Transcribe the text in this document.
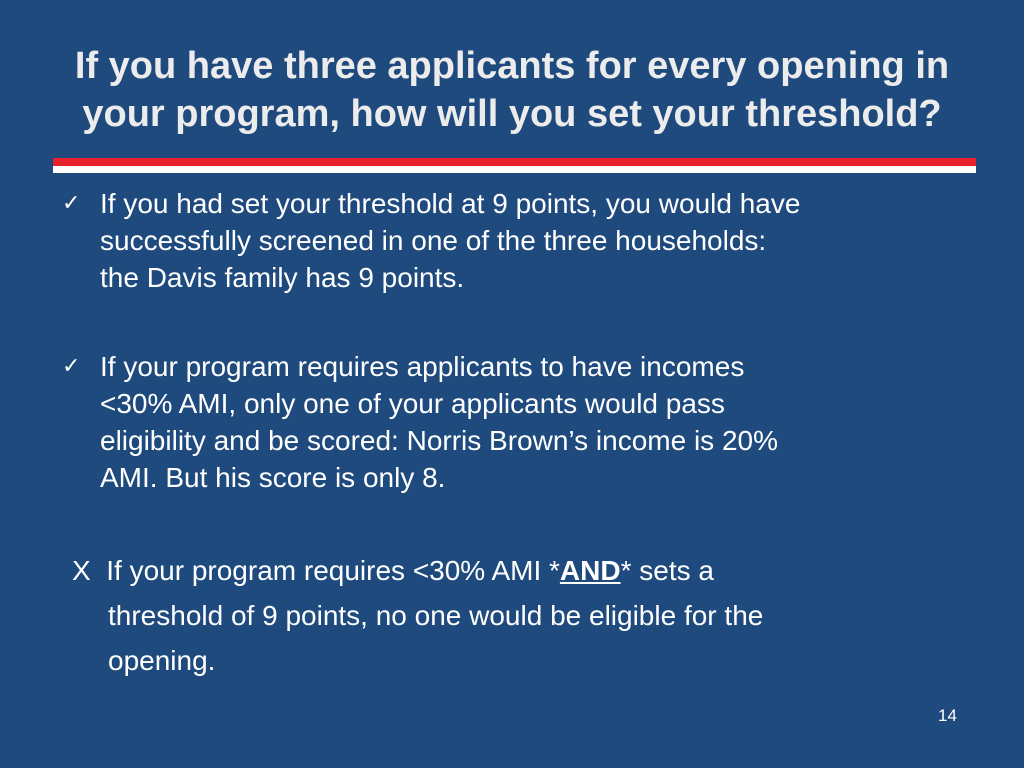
If you have three applicants for every opening in
your program, how will you set your threshold?
✓ If you had set your threshold at 9 points, you would have
successfully screened in one of the three households:
the Davis family has 9 points.
✓ If your program requires applicants to have incomes
<30% AMI, only one of your applicants would pass
eligibility and be scored: Norris Brown’s income is 20%
AMI. But his score is only 8.
X If your program requires <30% AMI *AND* sets a
threshold of 9 points, no one would be eligible for the
opening.
14
